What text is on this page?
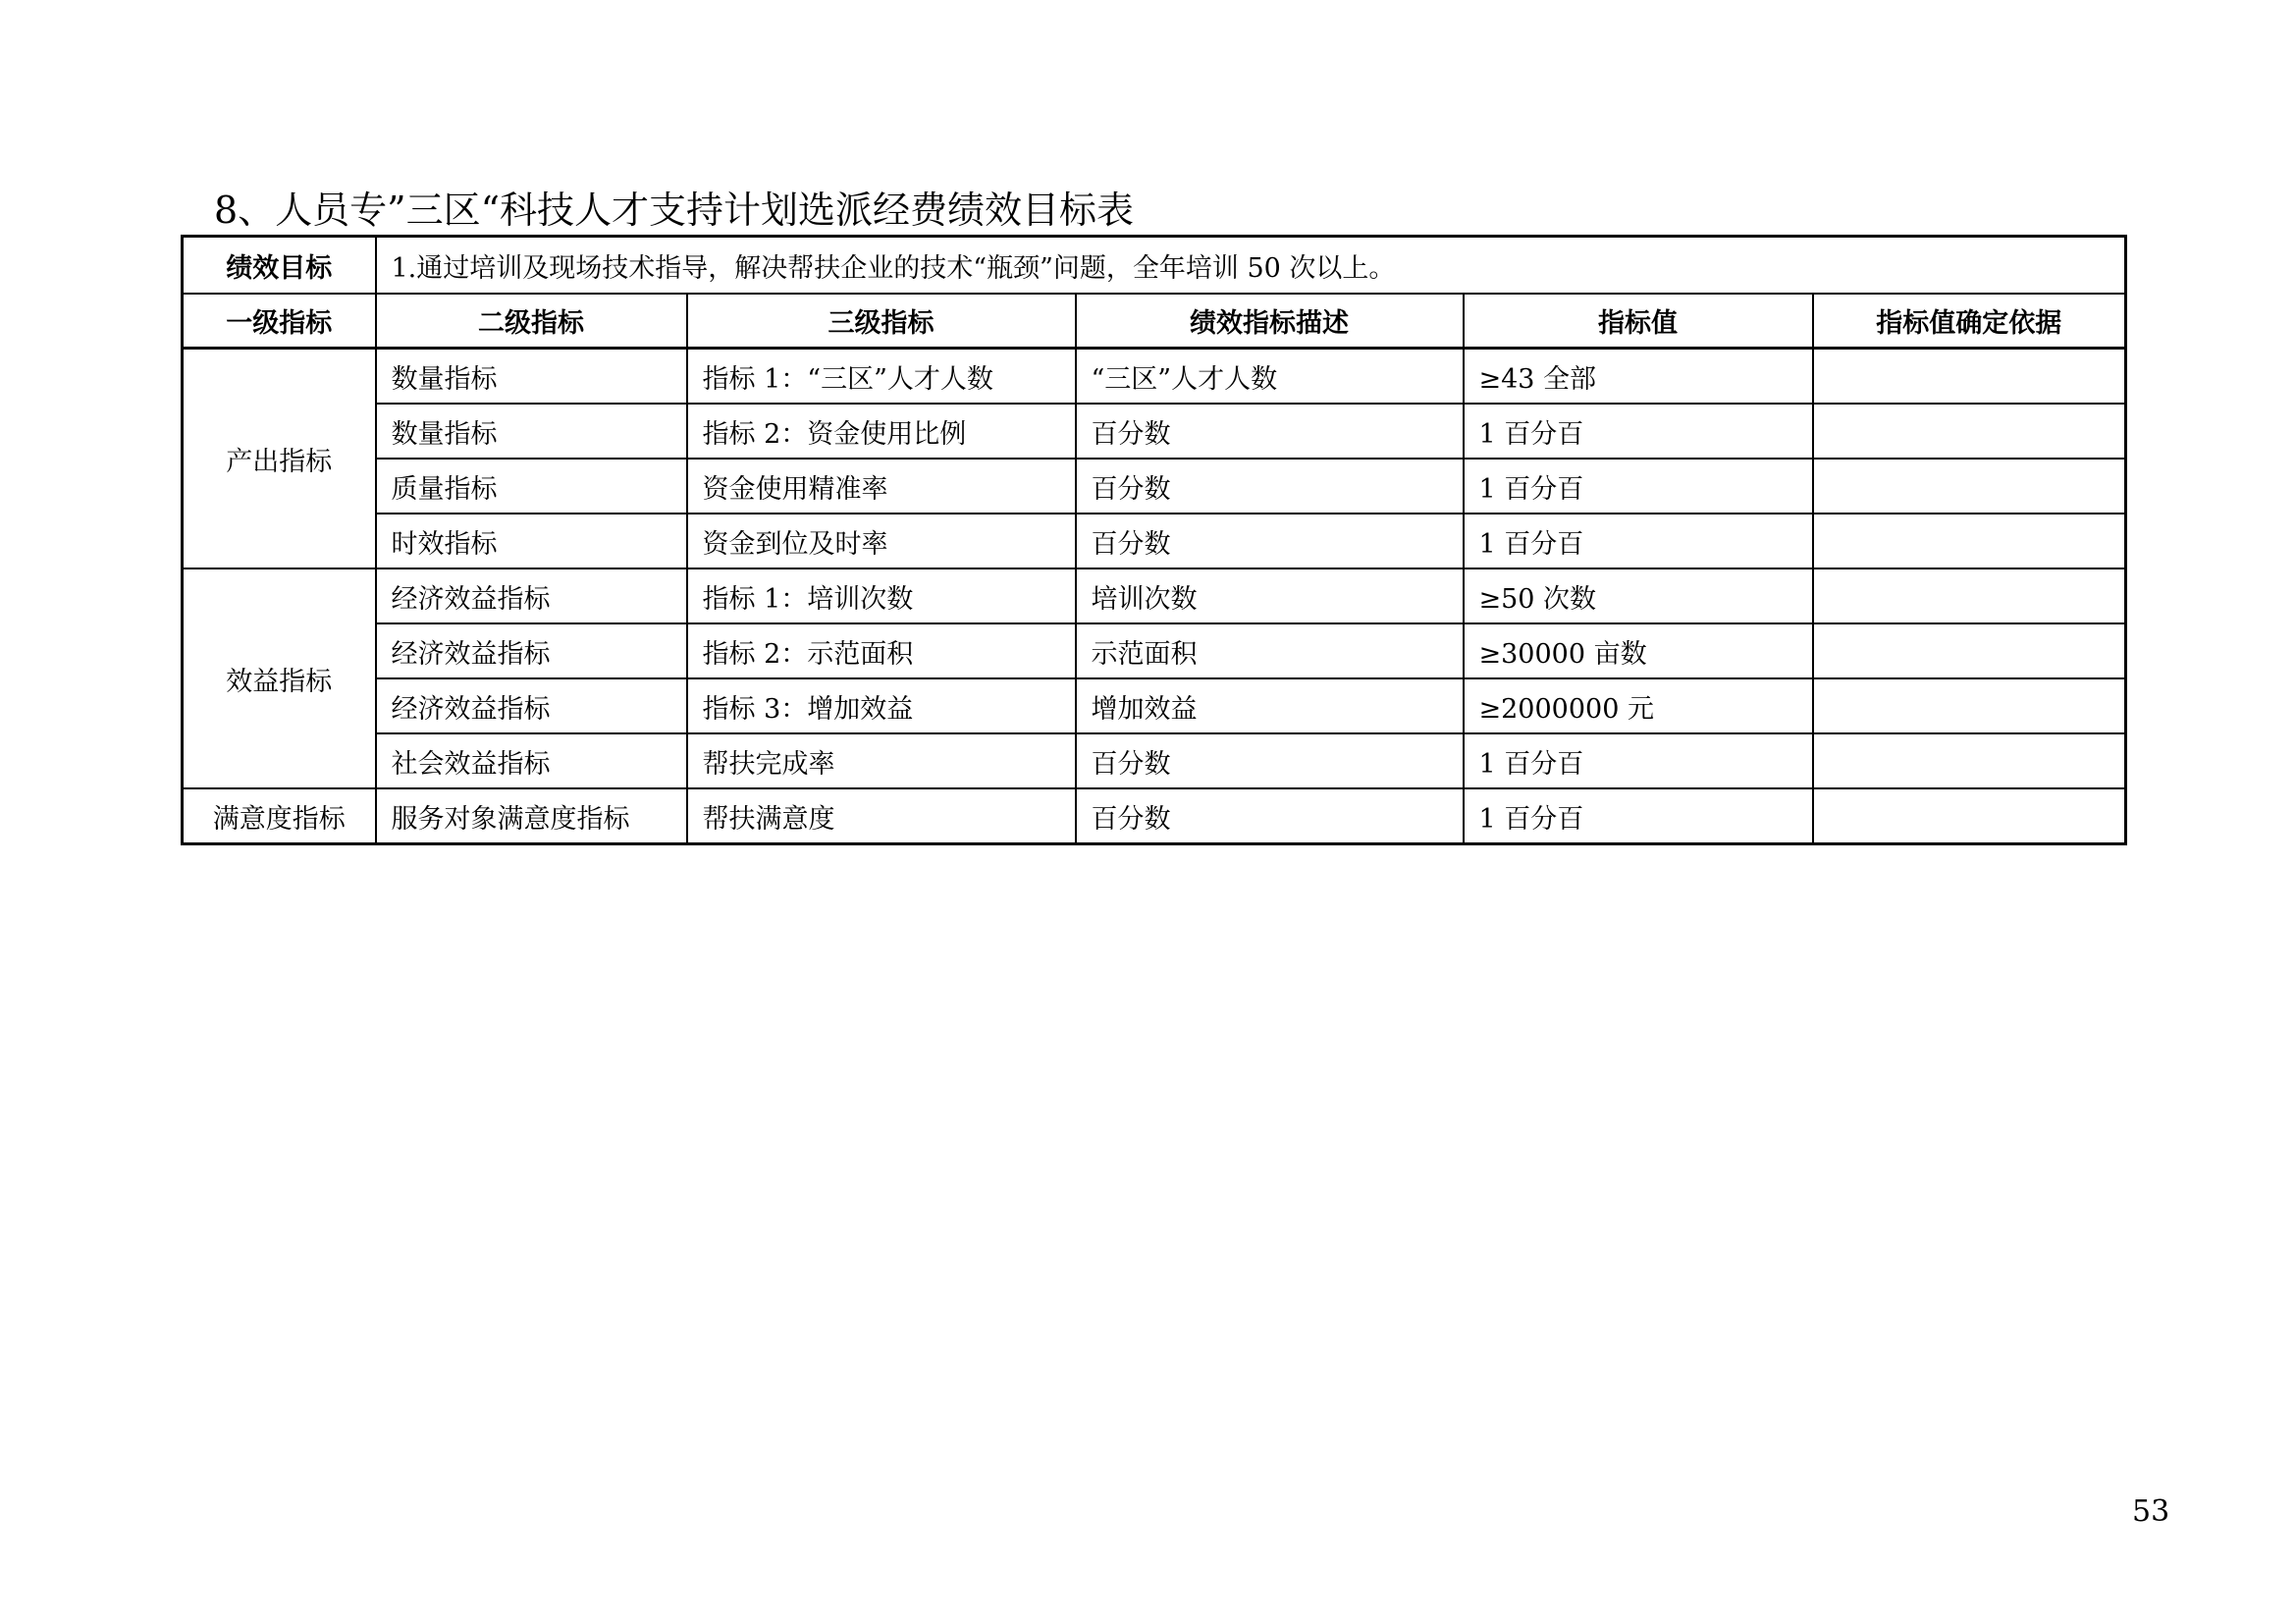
8、人员专”三区“科技人才支持计划选派经费绩效目标表
绩效目标	1.通过培训及现场技术指导，解决帮扶企业的技术“瓶颈”问题，全年培训 50 次以上。				
一级指标	二级指标	三级指标	绩效指标描述	指标值	指标值确定依据
产出指标	数量指标	指标 1：“三区”人才人数	“三区”人才人数	≥43 全部	
	数量指标	指标 2：资金使用比例	百分数	1 百分百	
	质量指标	资金使用精准率	百分数	1 百分百	
	时效指标	资金到位及时率	百分数	1 百分百	
效益指标	经济效益指标	指标 1：培训次数	培训次数	≥50 次数	
	经济效益指标	指标 2：示范面积	示范面积	≥30000 亩数	
	经济效益指标	指标 3：增加效益	增加效益	≥2000000 元	
	社会效益指标	帮扶完成率	百分数	1 百分百	
满意度指标	服务对象满意度指标	帮扶满意度	百分数	1 百分百	
53
